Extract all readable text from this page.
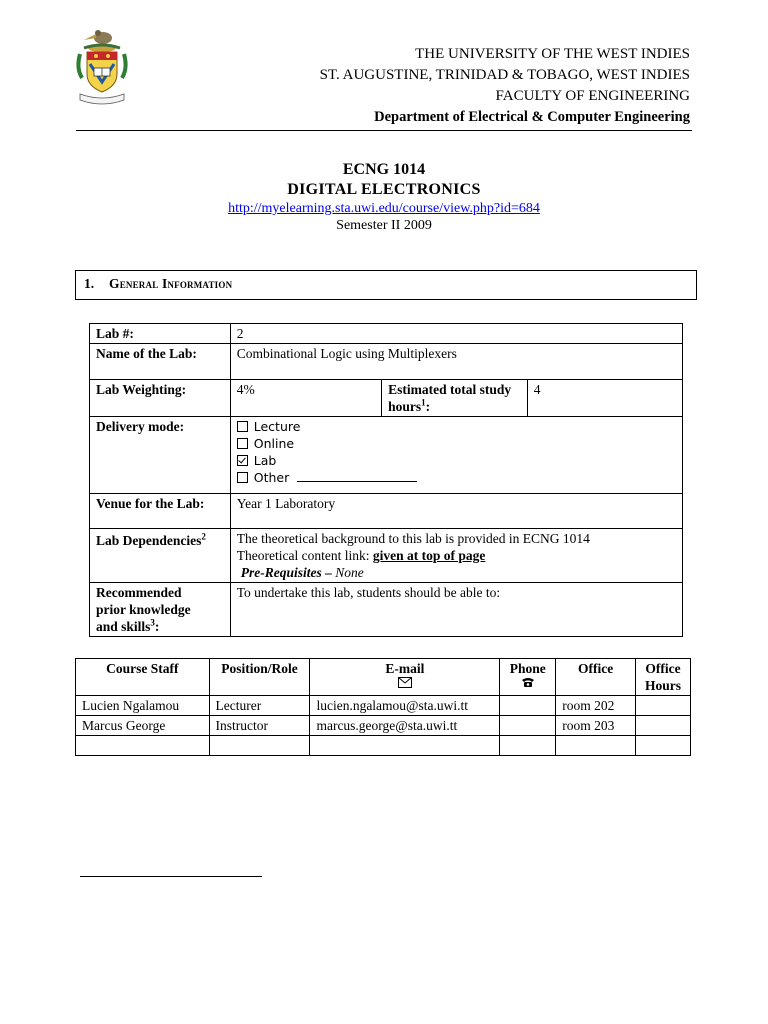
THE UNIVERSITY OF THE WEST INDIES
ST. AUGUSTINE, TRINIDAD & TOBAGO, WEST INDIES
FACULTY OF ENGINEERING
Department of Electrical & Computer Engineering
ECNG 1014
DIGITAL ELECTRONICS
http://myelearning.sta.uwi.edu/course/view.php?id=684
Semester II 2009
1. General Information
Lab #:	2		
Name of the Lab:	Combinational Logic using Multiplexers		
Lab Weighting:	4%	Estimated total study hours$^1$:	4
Delivery mode:	Lecture
Online
Lab
Other		

Venue for the Lab:	Year 1 Laboratory		
Lab Dependencies$^2$	The theoretical background to this lab is provided in ECNG 1014
Theoretical content link: given at top of page
Pre-Requisites – None		

Recommended
prior knowledge
and skills$^3$:	To undertake this lab, students should be able to:		
Course Staff	Position/Role	E-mail	Phone	Office	Office
Hours

Lucien Ngalamou	Lecturer	lucien.ngalamou@sta.uwi.tt		room 202	
Marcus George	Instructor	marcus.george@sta.uwi.tt		room 203	
